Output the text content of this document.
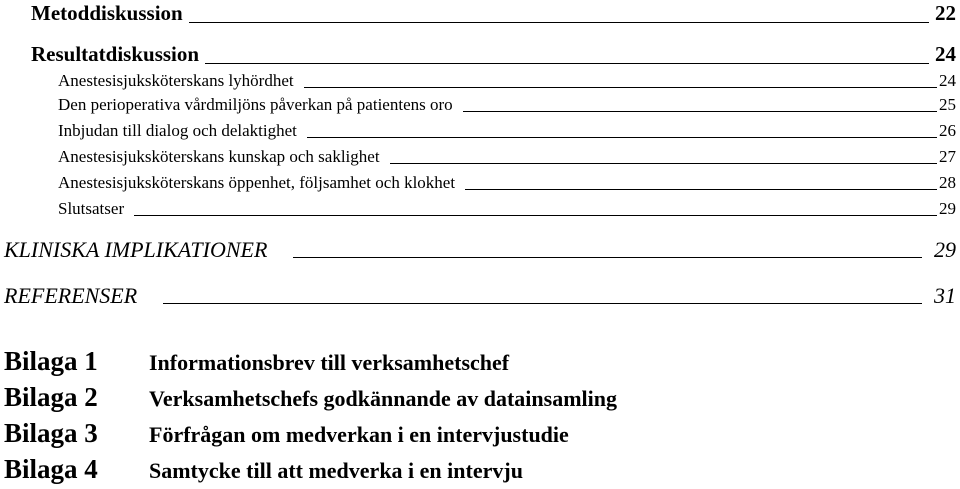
Metoddiskussion	22
Resultatdiskussion	24
Anestesisjuksköterskans lyhördhet	24
Den perioperativa vårdmiljöns påverkan på patientens oro	25
Inbjudan till dialog och delaktighet	26
Anestesisjuksköterskans kunskap och saklighet	27
Anestesisjuksköterskans öppenhet, följsamhet och klokhet	28
Slutsatser	29
KLINISKA IMPLIKATIONER	29
REFERENSER	31
Bilaga 1	Informationsbrev till verksamhetschef
Bilaga 2	Verksamhetschefs godkännande av datainsamling
Bilaga 3	Förfrågan om medverkan i en intervjustudie
Bilaga 4	Samtycke till att medverka i en intervju
